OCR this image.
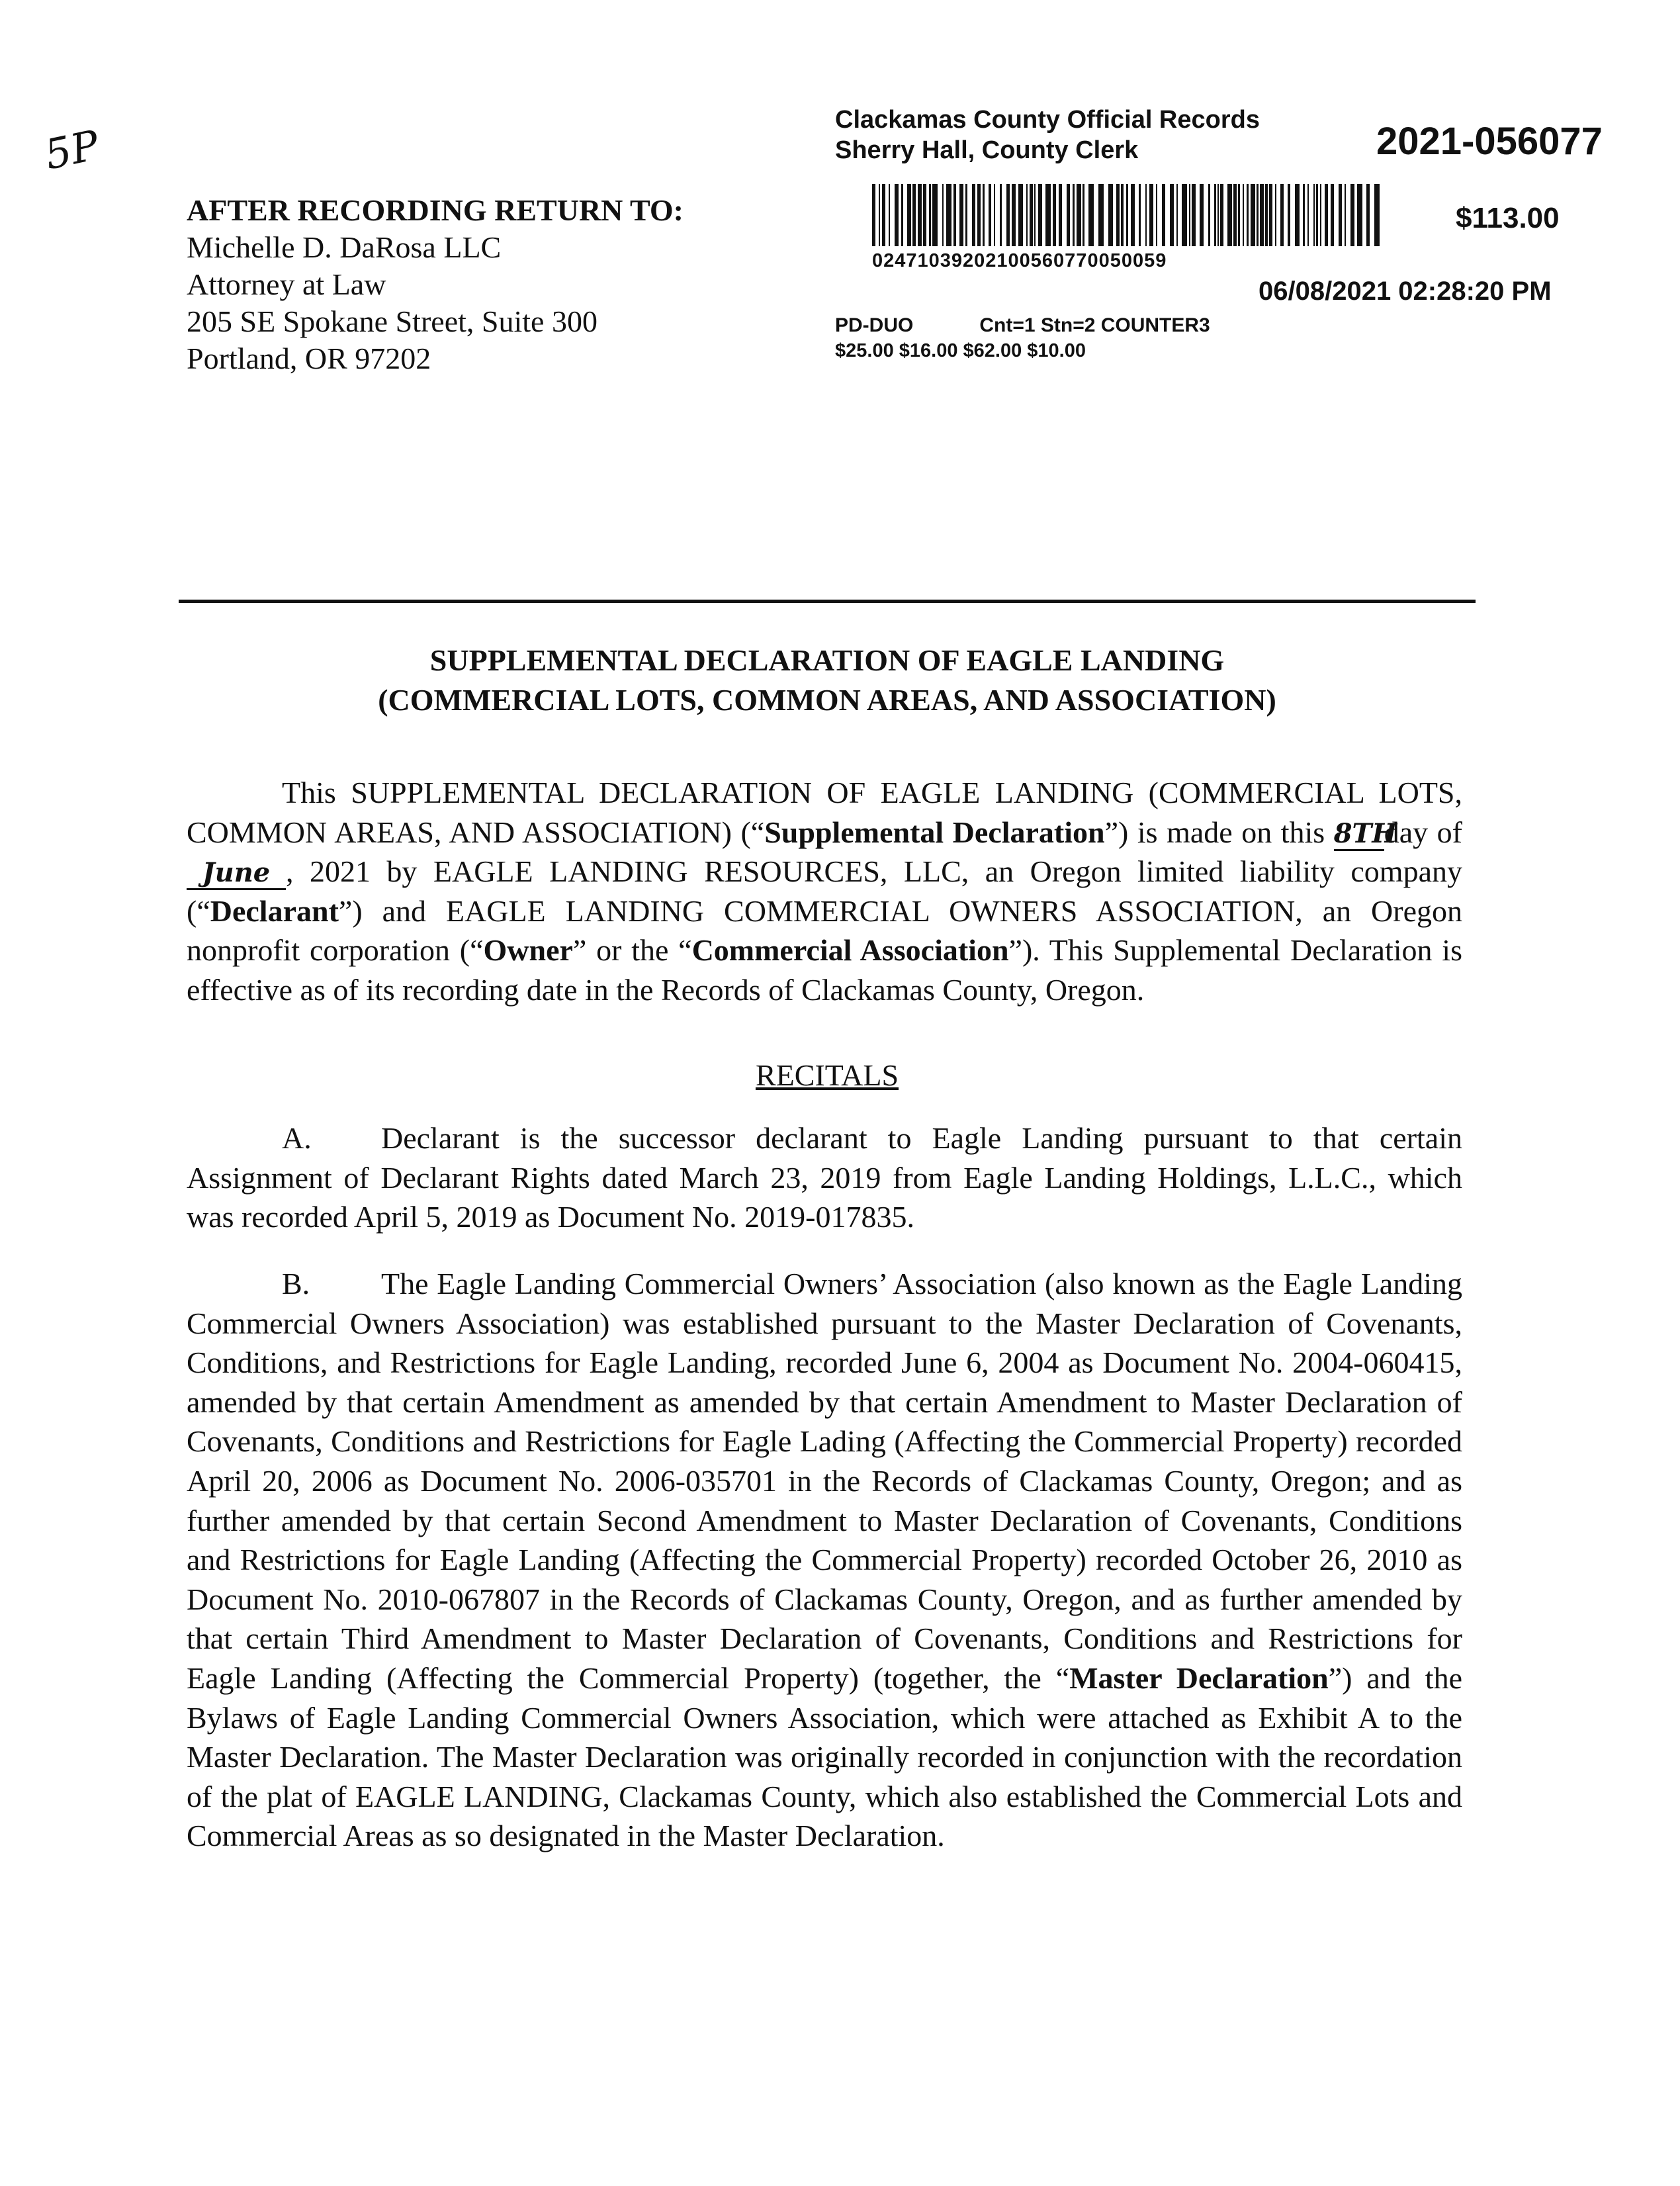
5P
AFTER RECORDING RETURN TO:
Michelle D. DaRosa LLC
Attorney at Law
205 SE Spokane Street, Suite 300
Portland, OR 97202
Clackamas County Official Records
Sherry Hall, County Clerk	2021-056077
$113.00
02471039202100560770050059
06/08/2021 02:28:20 PM
PD-DUO	Cnt=1 Stn=2 COUNTER3
$25.00 $16.00 $62.00 $10.00
SUPPLEMENTAL DECLARATION OF EAGLE LANDING
(COMMERCIAL LOTS, COMMON AREAS, AND ASSOCIATION)
This SUPPLEMENTAL DECLARATION OF EAGLE LANDING (COMMERCIAL LOTS, COMMON AREAS, AND ASSOCIATION) (“Supplemental Declaration”) is made on this 8THday of June , 2021 by EAGLE LANDING RESOURCES, LLC, an Oregon limited liability company (“Declarant”) and EAGLE LANDING COMMERCIAL OWNERS ASSOCIATION, an Oregon nonprofit corporation (“Owner” or the “Commercial Association”). This Supplemental Declaration is effective as of its recording date in the Records of Clackamas County, Oregon.
RECITALS
A. Declarant is the successor declarant to Eagle Landing pursuant to that certain Assignment of Declarant Rights dated March 23, 2019 from Eagle Landing Holdings, L.L.C., which was recorded April 5, 2019 as Document No. 2019-017835.
B. The Eagle Landing Commercial Owners’ Association (also known as the Eagle Landing Commercial Owners Association) was established pursuant to the Master Declaration of Covenants, Conditions, and Restrictions for Eagle Landing, recorded June 6, 2004 as Document No. 2004-060415, amended by that certain Amendment as amended by that certain Amendment to Master Declaration of Covenants, Conditions and Restrictions for Eagle Lading (Affecting the Commercial Property) recorded April 20, 2006 as Document No. 2006-035701 in the Records of Clackamas County, Oregon; and as further amended by that certain Second Amendment to Master Declaration of Covenants, Conditions and Restrictions for Eagle Landing (Affecting the Commercial Property) recorded October 26, 2010 as Document No. 2010-067807 in the Records of Clackamas County, Oregon, and as further amended by that certain Third Amendment to Master Declaration of Covenants, Conditions and Restrictions for Eagle Landing (Affecting the Commercial Property) (together, the “Master Declaration”) and the Bylaws of Eagle Landing Commercial Owners Association, which were attached as Exhibit A to the Master Declaration. The Master Declaration was originally recorded in conjunction with the recordation of the plat of EAGLE LANDING, Clackamas County, which also established the Commercial Lots and Commercial Areas as so designated in the Master Declaration.
